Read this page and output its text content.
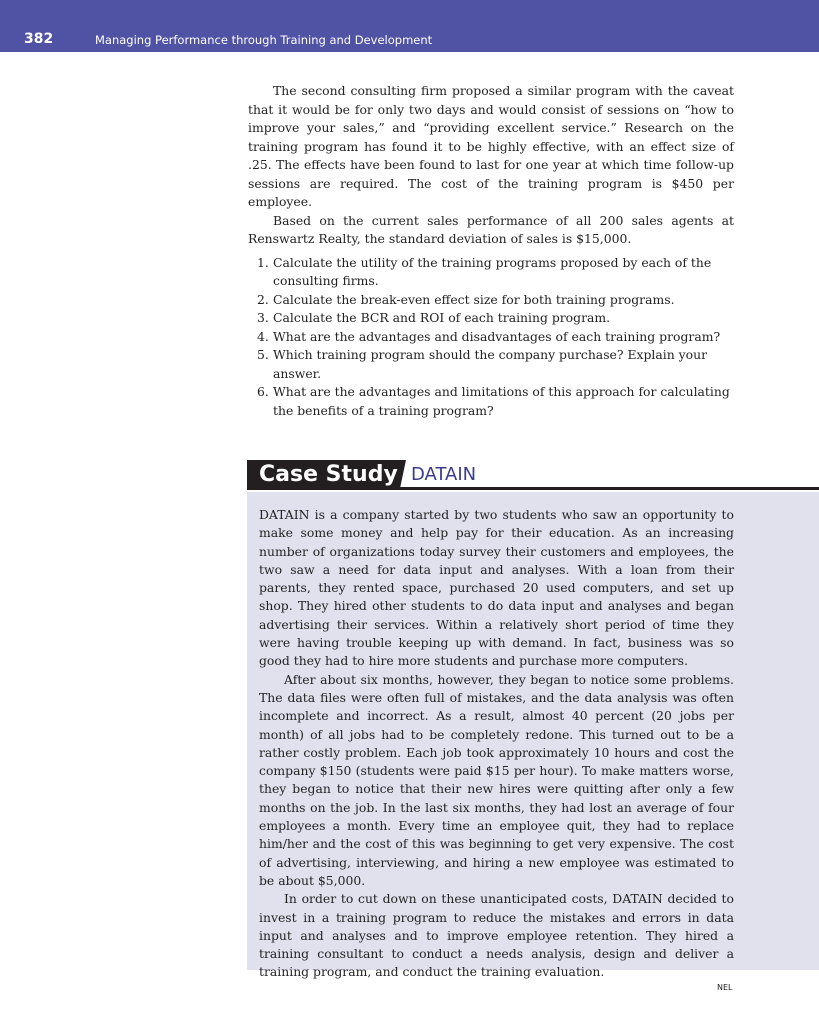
382	Managing Performance through Training and Development

The second consulting firm proposed a similar program with the caveat that it would be for only two days and would consist of sessions on “how to improve your sales,” and “providing excellent service.” Research on the training program has found it to be highly effective, with an effect size of .25. The effects have been found to last for one year at which time follow-up sessions are required. The cost of the training program is $450 per employee.

Based on the current sales performance of all 200 sales agents at Renswartz Realty, the standard deviation of sales is $15,000.

1. Calculate the utility of the training programs proposed by each of the consulting firms.
2. Calculate the break-even effect size for both training programs.
3. Calculate the BCR and ROI of each training program.
4. What are the advantages and disadvantages of each training program?
5. Which training program should the company purchase? Explain your answer.
6. What are the advantages and limitations of this approach for calculating the benefits of a training program?
Case Study DATAIN

DATAIN is a company started by two students who saw an opportunity to make some money and help pay for their education. As an increasing number of organizations today survey their customers and employees, the two saw a need for data input and analyses. With a loan from their parents, they rented space, purchased 20 used computers, and set up shop. They hired other students to do data input and analyses and began advertising their services. Within a relatively short period of time they were having trouble keeping up with demand. In fact, business was so good they had to hire more students and purchase more computers.

After about six months, however, they began to notice some problems. The data files were often full of mistakes, and the data analysis was often incomplete and incorrect. As a result, almost 40 percent (20 jobs per month) of all jobs had to be completely redone. This turned out to be a rather costly problem. Each job took approximately 10 hours and cost the company $150 (students were paid $15 per hour). To make matters worse, they began to notice that their new hires were quitting after only a few months on the job. In the last six months, they had lost an average of four employees a month. Every time an employee quit, they had to replace him/her and the cost of this was beginning to get very expensive. The cost of advertising, interviewing, and hiring a new employee was estimated to be about $5,000.

In order to cut down on these unanticipated costs, DATAIN decided to invest in a training program to reduce the mistakes and errors in data input and analyses and to improve employee retention. They hired a training consultant to conduct a needs analysis, design and deliver a training program, and conduct the training evaluation.

NEL
